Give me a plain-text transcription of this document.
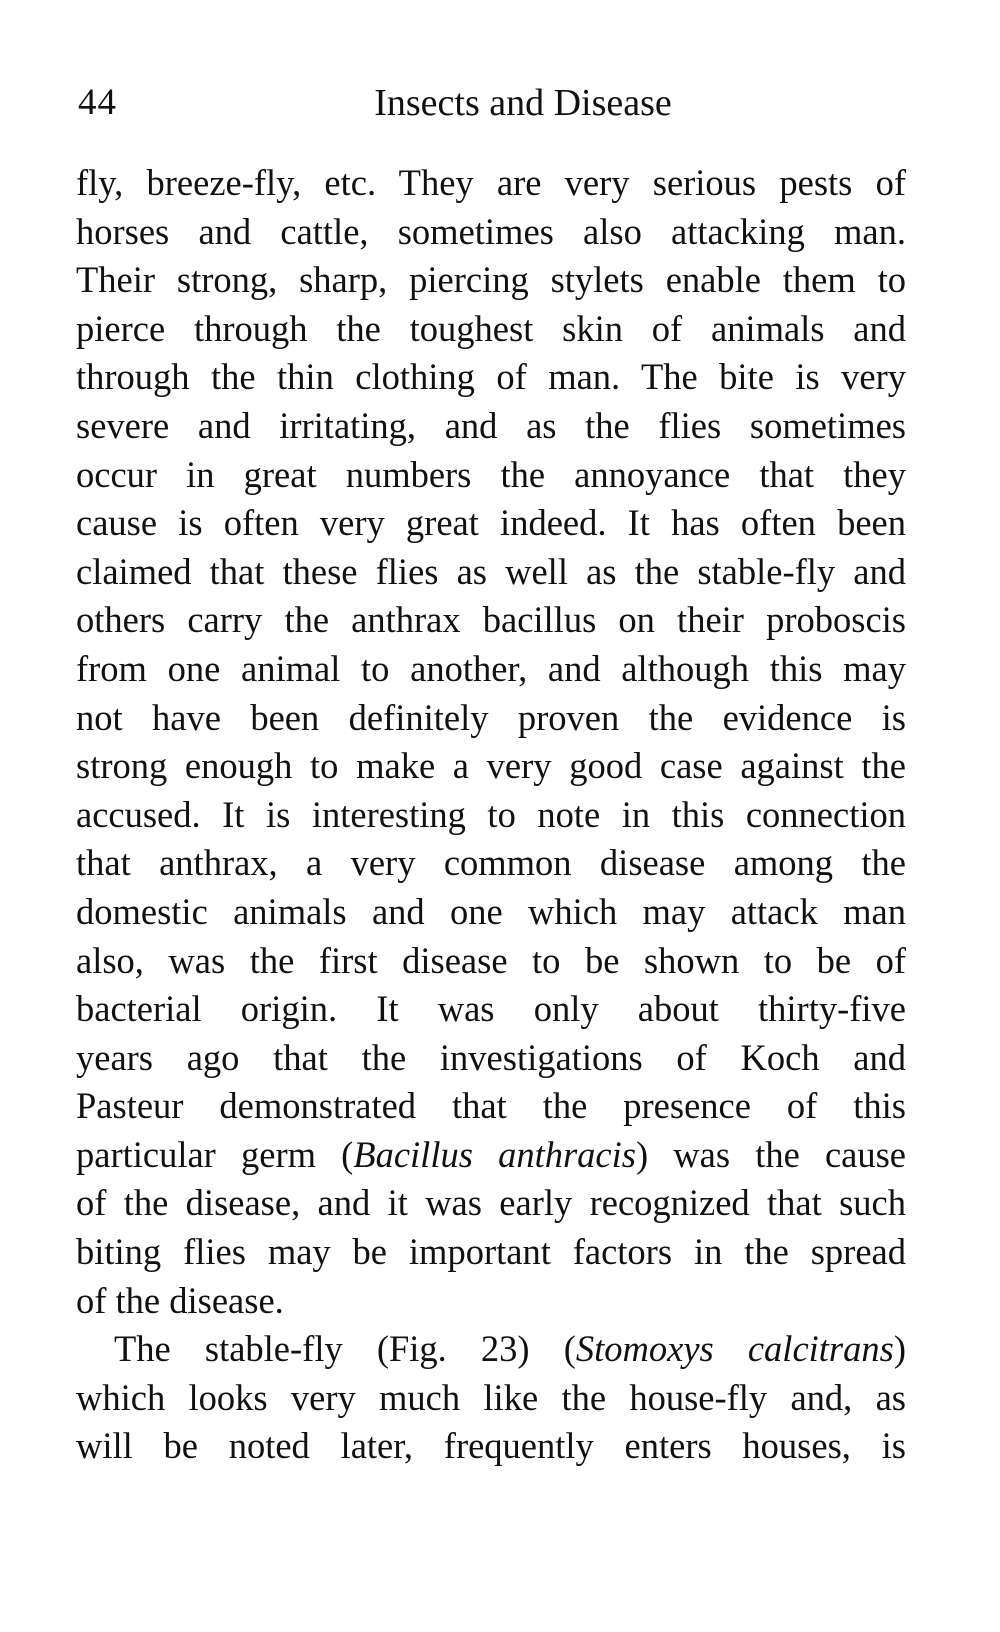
44	Insects and Disease
fly, breeze-fly, etc. They are very serious pests of
horses and cattle, sometimes also attacking man.
Their strong, sharp, piercing stylets enable them to
pierce through the toughest skin of animals and
through the thin clothing of man. The bite is very
severe and irritating, and as the flies sometimes
occur in great numbers the annoyance that they
cause is often very great indeed. It has often been
claimed that these flies as well as the stable-fly and
others carry the anthrax bacillus on their proboscis
from one animal to another, and although this may
not have been definitely proven the evidence is
strong enough to make a very good case against the
accused. It is interesting to note in this connection
that anthrax, a very common disease among the
domestic animals and one which may attack man
also, was the first disease to be shown to be of
bacterial origin. It was only about thirty-five
years ago that the investigations of Koch and
Pasteur demonstrated that the presence of this
particular germ (Bacillus anthracis) was the cause
of the disease, and it was early recognized that such
biting flies may be important factors in the spread
of the disease.
The stable-fly (Fig. 23) (Stomoxys calcitrans)
which looks very much like the house-fly and, as
will be noted later, frequently enters houses, is
